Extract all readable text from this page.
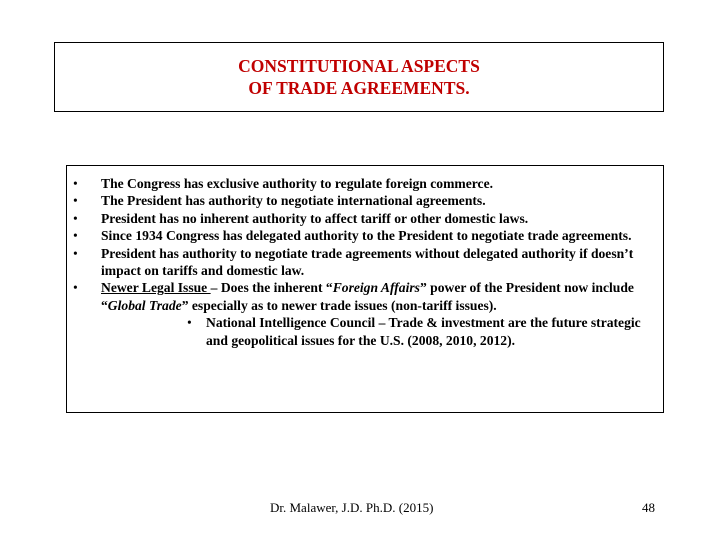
CONSTITUTIONAL ASPECTS
OF TRADE AGREEMENTS.
• The Congress has exclusive authority to regulate foreign commerce.
• The President has authority to negotiate international agreements.
• President has no inherent authority to affect tariff or other domestic laws.
• Since 1934 Congress has delegated authority to the President to negotiate trade agreements.
• President has authority to negotiate trade agreements without delegated authority if doesn’t impact on tariffs and domestic law.
• Newer Legal Issue – Does the inherent “Foreign Affairs” power of the President now include “Global Trade” especially as to newer trade issues (non-tariff issues).
• National Intelligence Council – Trade & investment are the future strategic and geopolitical issues for the U.S. (2008, 2010, 2012).
Dr. Malawer, J.D. Ph.D. (2015)	48
